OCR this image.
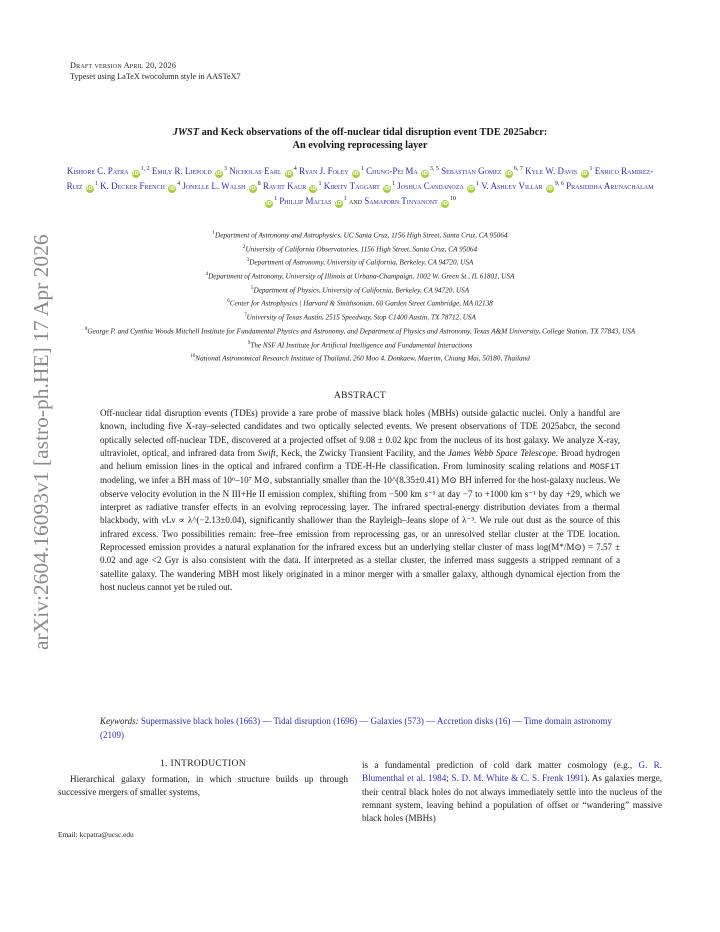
arXiv:2604.16093v1 [astro-ph.HE] 17 Apr 2026
Draft version April 20, 2026
Typeset using LaTeX twocolumn style in AASTeX7
JWST and Keck observations of the off-nuclear tidal disruption event TDE 2025abcr:
An evolving reprocessing layer
Kishore C. Patra iD$^{1, 2}$ Emily R. Liepold $iD^3$ Nicholas Earl $iD^4$ Ryan J. Foley $iD^1$ Chung-Pei Ma iD$^{3, 5}$ Sebastian Gomez iD$^{6, 7}$ Kyle W. Davis $iD^1$ Enrico Ramirez-Ruiz $iD^1$ K. Decker French $iD^4$ Jonelle L. Walsh $iD^8$ Ravjit Kaur $iD^1$ Kirsty Taggart $iD^1$ Joshua Candanoza $iD^1$ V. Ashley Villar iD$^{9, 6}$ Prasiddha Arunachalam $iD^1$ Phillip Macias $iD^1$ and Samaporn Tinyanont $iD^{10}$
$^1$Department of Astronomy and Astrophysics, UC Santa Cruz, 1156 High Street, Santa Cruz, CA 95064
$^2$University of California Observatories, 1156 High Street, Santa Cruz, CA 95064
$^3$Department of Astronomy, University of California, Berkeley, CA 94720, USA
$^4$Department of Astronomy, University of Illinois at Urbana-Champaign, 1002 W. Green St., IL 61801, USA
$^5$Department of Physics, University of California, Berkeley, CA 94720, USA
$^6$Center for Astrophysics | Harvard & Smithsonian, 60 Garden Street Cambridge, MA 02138
$^7$University of Texas Austin, 2515 Speedway, Stop C1400 Austin, TX 78712, USA
$^8$George P. and Cynthia Woods Mitchell Institute for Fundamental Physics and Astronomy, and Department of Physics and Astronomy, Texas A&M University, College Station, TX 77843, USA
$^9$The NSF AI Institute for Artificial Intelligence and Fundamental Interactions
$^{10}$National Astronomical Research Institute of Thailand, 260 Moo 4, Donkaew, Maerim, Chiang Mai, 50180, Thailand
ABSTRACT
Off-nuclear tidal disruption events (TDEs) provide a rare probe of massive black holes (MBHs) outside galactic nuclei. Only a handful are known, including five X-ray–selected candidates and two optically selected events. We present observations of TDE 2025abcr, the second optically selected off-nuclear TDE, discovered at a projected offset of 9.08 ± 0.02 kpc from the nucleus of its host galaxy. We analyze X-ray, ultraviolet, optical, and infrared data from Swift, Keck, the Zwicky Transient Facility, and the James Webb Space Telescope. Broad hydrogen and helium emission lines in the optical and infrared confirm a TDE-H-He classification. From luminosity scaling relations and MOSFiT modeling, we infer a BH mass of 10⁶–10⁷ M⊙, substantially smaller than the 10^(8.35±0.41) M⊙ BH inferred for the host-galaxy nucleus. We observe velocity evolution in the N III+He II emission complex, shifting from −500 km s⁻¹ at day −7 to +1000 km s⁻¹ by day +29, which we interpret as radiative transfer effects in an evolving reprocessing layer. The infrared spectral-energy distribution deviates from a thermal blackbody, with νLν ∝ λ^(−2.13±0.04), significantly shallower than the Rayleigh–Jeans slope of λ⁻³. We rule out dust as the source of this infrared excess. Two possibilities remain: free–free emission from reprocessing gas, or an unresolved stellar cluster at the TDE location. Reprocessed emission provides a natural explanation for the infrared excess but an underlying stellar cluster of mass log(M*/M⊙) = 7.57 ± 0.02 and age <2 Gyr is also consistent with the data. If interpreted as a stellar cluster, the inferred mass suggests a stripped remnant of a satellite galaxy. The wandering MBH most likely originated in a minor merger with a smaller galaxy, although dynamical ejection from the host nucleus cannot yet be ruled out.
Keywords: Supermassive black holes (1663) — Tidal disruption (1696) — Galaxies (573) — Accretion disks (16) — Time domain astronomy (2109)
1. INTRODUCTION
Hierarchical galaxy formation, in which structure builds up through successive mergers of smaller systems,
is a fundamental prediction of cold dark matter cosmology (e.g., G. R. Blumenthal et al. 1984; S. D. M. White & C. S. Frenk 1991). As galaxies merge, their central black holes do not always immediately settle into the nucleus of the remnant system, leaving behind a population of offset or “wandering” massive black holes (MBHs)
Email: kcpatra@ucsc.edu
